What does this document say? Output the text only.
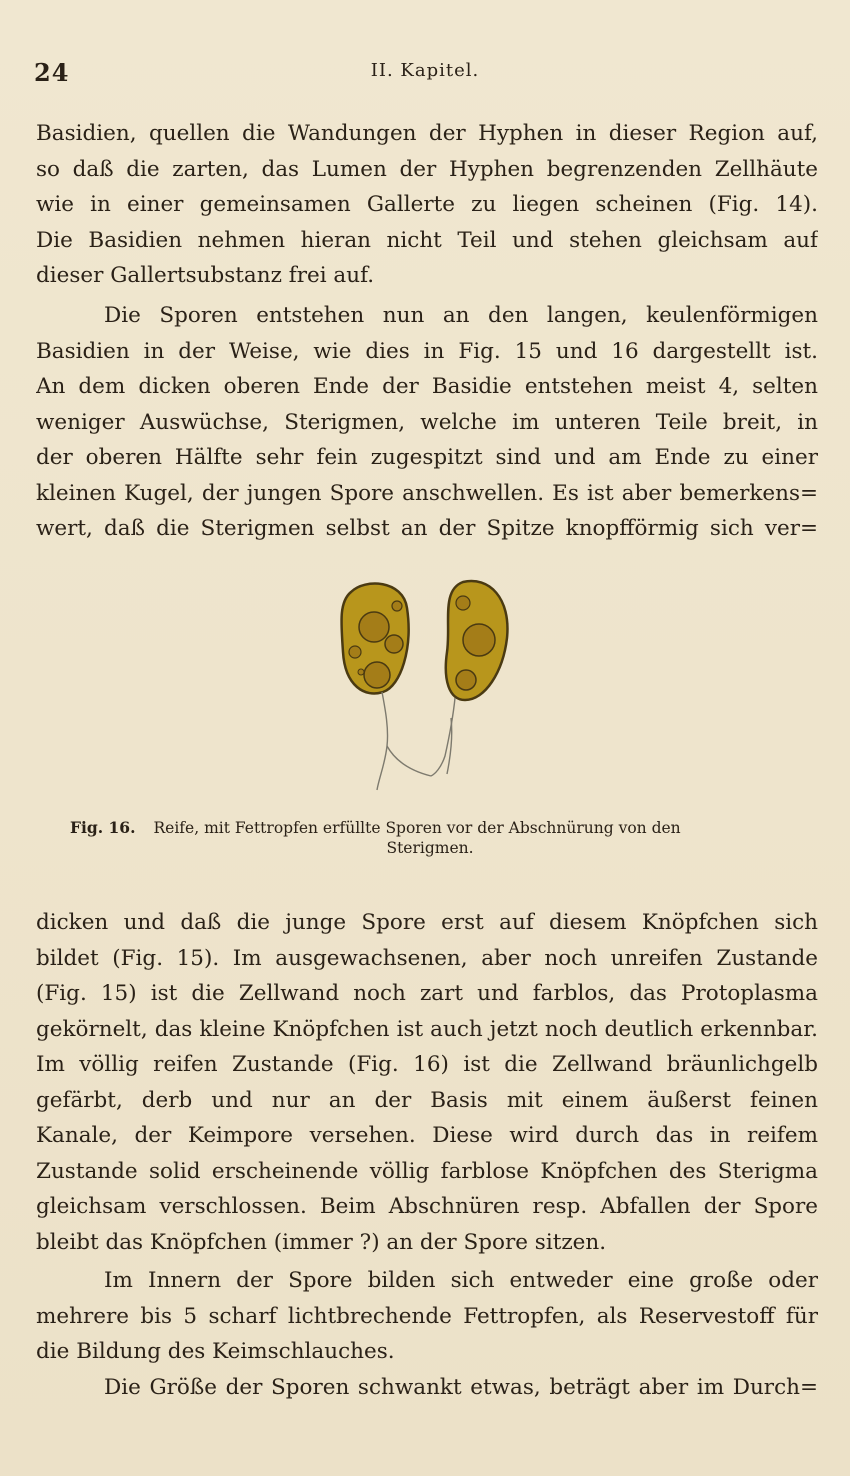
24	II. Kapitel.
Basidien, quellen die Wandungen der Hyphen in dieser Region auf,
so daß die zarten, das Lumen der Hyphen begrenzenden Zellhäute
wie in einer gemeinsamen Gallerte zu liegen scheinen (Fig. 14).
Die Basidien nehmen hieran nicht Teil und stehen gleichsam auf
dieser Gallertsubstanz frei auf.
Die Sporen entstehen nun an den langen, keulenförmigen
Basidien in der Weise, wie dies in Fig. 15 und 16 dargestellt ist.
An dem dicken oberen Ende der Basidie entstehen meist 4, selten
weniger Auswüchse, Sterigmen, welche im unteren Teile breit, in
der oberen Hälfte sehr fein zugespitzt sind und am Ende zu einer
kleinen Kugel, der jungen Spore anschwellen. Es ist aber bemerkens=
wert, daß die Sterigmen selbst an der Spitze knopfförmig sich ver=
Fig. 16. Reife, mit Fettropfen erfüllte Sporen vor der Abschnürung von den
Sterigmen.
dicken und daß die junge Spore erst auf diesem Knöpfchen sich
bildet (Fig. 15). Im ausgewachsenen, aber noch unreifen Zustande
(Fig. 15) ist die Zellwand noch zart und farblos, das Protoplasma
gekörnelt, das kleine Knöpfchen ist auch jetzt noch deutlich erkennbar.
Im völlig reifen Zustande (Fig. 16) ist die Zellwand bräunlichgelb
gefärbt, derb und nur an der Basis mit einem äußerst feinen
Kanale, der Keimpore versehen. Diese wird durch das in reifem
Zustande solid erscheinende völlig farblose Knöpfchen des Sterigma
gleichsam verschlossen. Beim Abschnüren resp. Abfallen der Spore
bleibt das Knöpfchen (immer ?) an der Spore sitzen.
Im Innern der Spore bilden sich entweder eine große oder
mehrere bis 5 scharf lichtbrechende Fettropfen, als Reservestoff für
die Bildung des Keimschlauches.
Die Größe der Sporen schwankt etwas, beträgt aber im Durch=
